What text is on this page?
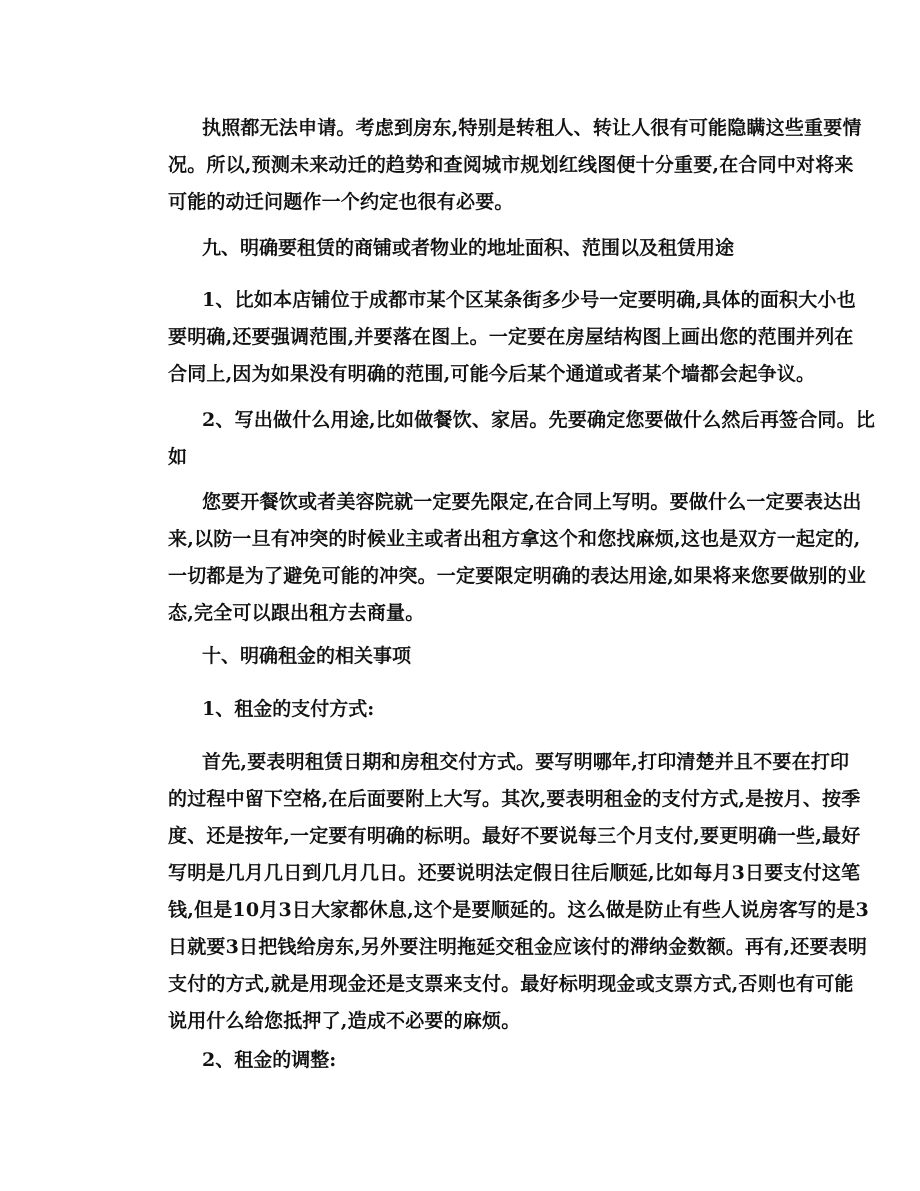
执照都无法申请。考虑到房东,特别是转租人、转让人很有可能隐瞒这些重要情
况。所以,预测未来动迁的趋势和查阅城市规划红线图便十分重要,在合同中对将来
可能的动迁问题作一个约定也很有必要。

九、明确要租赁的商铺或者物业的地址面积、范围以及租赁用途

1、比如本店铺位于成都市某个区某条街多少号一定要明确,具体的面积大小也
要明确,还要强调范围,并要落在图上。一定要在房屋结构图上画出您的范围并列在
合同上,因为如果没有明确的范围,可能今后某个通道或者某个墙都会起争议。

2、写出做什么用途,比如做餐饮、家居。先要确定您要做什么然后再签合同。比
如

您要开餐饮或者美容院就一定要先限定,在合同上写明。要做什么一定要表达出
来,以防一旦有冲突的时候业主或者出租方拿这个和您找麻烦,这也是双方一起定的,
一切都是为了避免可能的冲突。一定要限定明确的表达用途,如果将来您要做别的业
态,完全可以跟出租方去商量。

十、明确租金的相关事项

1、租金的支付方式:

首先,要表明租赁日期和房租交付方式。要写明哪年,打印清楚并且不要在打印
的过程中留下空格,在后面要附上大写。其次,要表明租金的支付方式,是按月、按季
度、还是按年,一定要有明确的标明。最好不要说每三个月支付,要更明确一些,最好
写明是几月几日到几月几日。还要说明法定假日往后顺延,比如每月3日要支付这笔
钱,但是10月3日大家都休息,这个是要顺延的。这么做是防止有些人说房客写的是3
日就要3日把钱给房东,另外要注明拖延交租金应该付的滞纳金数额。再有,还要表明
支付的方式,就是用现金还是支票来支付。最好标明现金或支票方式,否则也有可能
说用什么给您抵押了,造成不必要的麻烦。

2、租金的调整:
